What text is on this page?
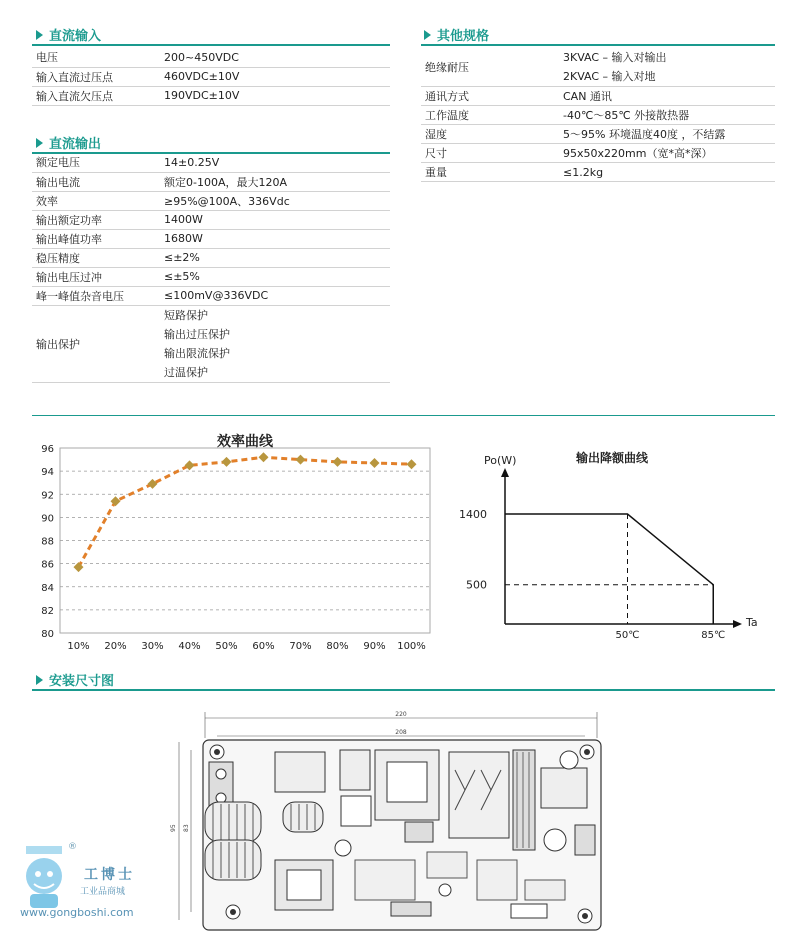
直流输入	其他规格
电压	200~450VDC
输入直流过压点	460VDC±10V
输入直流欠压点	190VDC±10V
直流输出
额定电压	14±0.25V
输出电流	额定0-100A，最大120A
效率	≥95%@100A、336Vdc
输出额定功率	1400W
输出峰值功率	1680W
稳压精度	≤±2%
输出电压过冲	≤±5%
峰一峰值杂音电压	≤100mV@336VDC
输出保护	短路保护
输出过压保护
输出限流保护
过温保护
绝缘耐压	3KVAC – 输入对输出
2KVAC – 输入对地

通讯方式	CAN 通讯
工作温度	-40℃～85℃ 外接散热器
湿度	5～95% 环境温度40度 ，不结露
尺寸	95x50x220mm（宽*高*深）
重量	≤1.2kg
效率曲线
80
82
84
86
88
90
92
94
96
10% 20% 30% 40% 50% 60% 70% 80% 90% 100%
输出降额曲线
Po(W)
Ta
1400
500
50℃	85℃
安装尺寸图
220
208
95 83
®
工博士
工业品商城
www.gongboshi.com
